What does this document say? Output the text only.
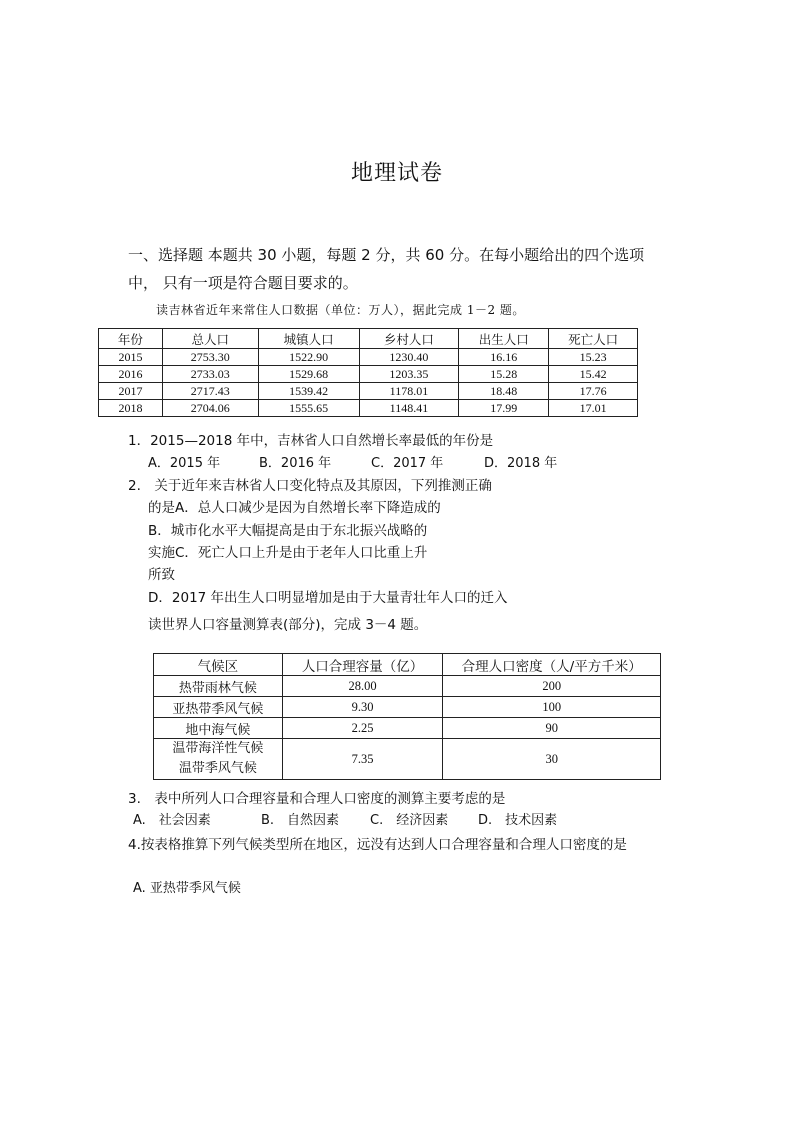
地理试卷
一、选择题 本题共 30 小题，每题 2 分，共 60 分。在每小题给出的四个选项
中， 只有一项是符合题目要求的。
读吉林省近年来常住人口数据（单位：万人），据此完成 1－2 题。
年份	总人口	城镇人口	乡村人口	出生人口	死亡人口
2015	2753.30	1522.90	1230.40	16.16	15.23
2016	2733.03	1529.68	1203.35	15.28	15.42
2017	2717.43	1539.42	1178.01	18.48	17.76
2018	2704.06	1555.65	1148.41	17.99	17.01
1．2015—2018 年中，吉林省人口自然增长率最低的年份是
A．2015 年	B．2016 年	C．2017 年	D．2018 年
2.　关于近年来吉林省人口变化特点及其原因，下列推测正确
的是A．总人口减少是因为自然增长率下降造成的
B．城市化水平大幅提高是由于东北振兴战略的
实施C．死亡人口上升是由于老年人口比重上升
所致
D．2017 年出生人口明显增加是由于大量青壮年人口的迁入
读世界人口容量测算表(部分)，完成 3－4 题。
气候区	人口合理容量（亿）	合理人口密度（人/平方千米）
热带雨林气候	28.00	200
亚热带季风气候	9.30	100
地中海气候	2.25	90

温带海洋性气候
温带季风气候	7.35	30
3.　表中所列人口合理容量和合理人口密度的测算主要考虑的是
A.　社会因素	B.　自然因素 C.　经济因素 D.　技术因素
4.按表格推算下列气候类型所在地区，远没有达到人口合理容量和合理人口密度的是
A. 亚热带季风气候
